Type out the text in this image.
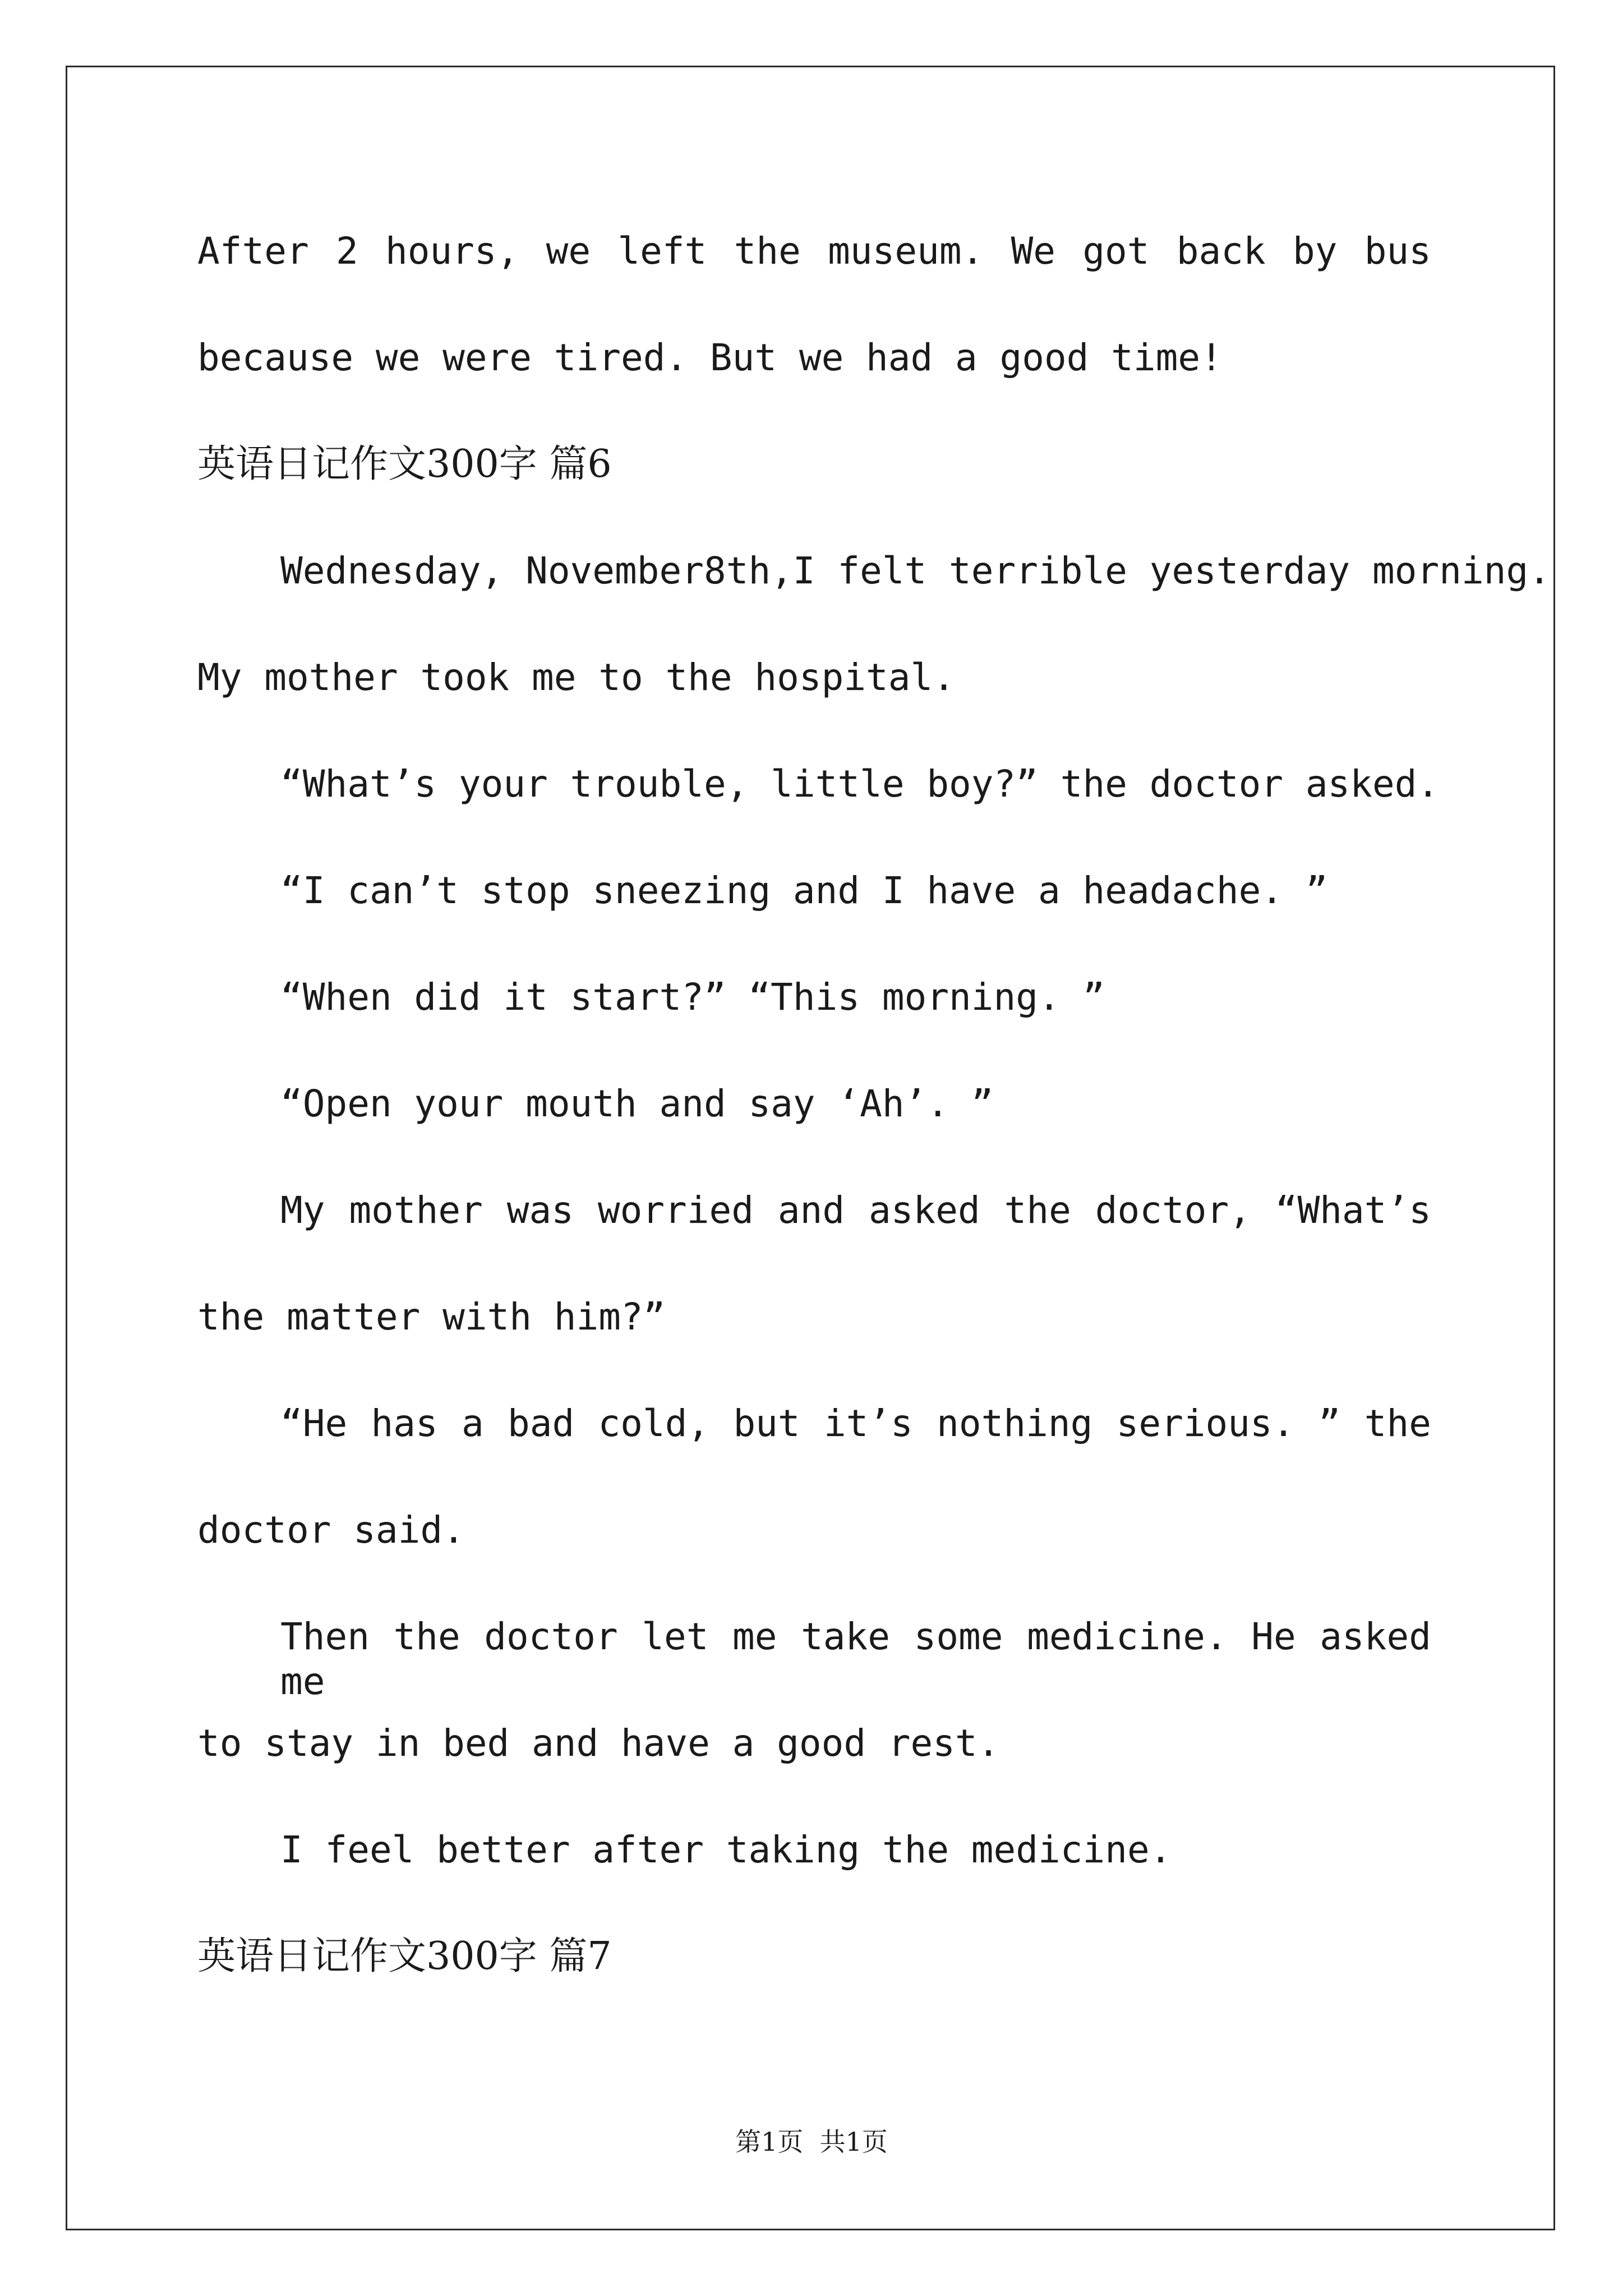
After 2 hours, we left the museum. We got back by bus
because we were tired. But we had a good time!
英语日记作文300字 篇6
Wednesday, November8th,I felt terrible yesterday morning.
My mother took me to the hospital.
“What’s your trouble, little boy?” the doctor asked.
“I can’t stop sneezing and I have a headache. ”
“When did it start?” “This morning. ”
“Open your mouth and say ‘Ah’. ”
My mother was worried and asked the doctor, “What’s
the matter with him?”
“He has a bad cold, but it’s nothing serious. ” the
doctor said.
Then the doctor let me take some medicine. He asked me
to stay in bed and have a good rest.
I feel better after taking the medicine.
英语日记作文300字 篇7
第1页  共1页
